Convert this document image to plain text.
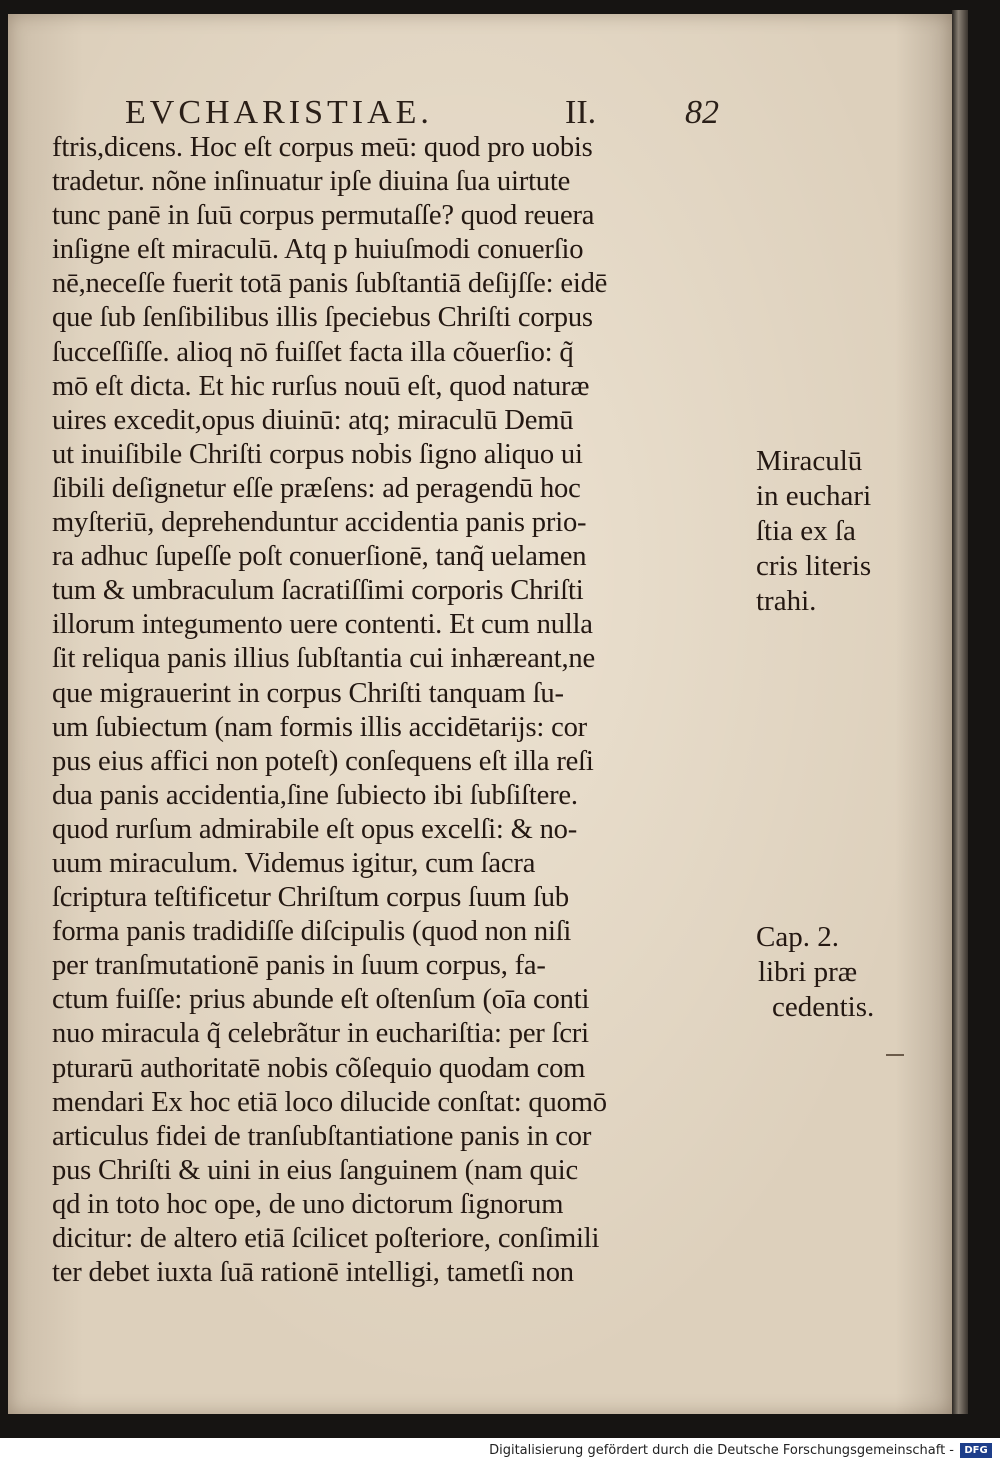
EVCHARISTIAE.	II.	82
ftris,dicens. Hoc eſt corpus meū: quod pro uobis
tradetur. nõne inſinuatur ipſe diuina ſua uirtute
tunc panē in ſuū corpus permutaſſe? quod reuera
inſigne eſt miraculū. Atq p huiuſmodi conuerſio
nē,neceſſe fuerit totā panis ſubſtantiā deſijſſe: eidē
que ſub ſenſibilibus illis ſpeciebus Chriſti corpus
ſucceſſiſſe. alioq nō fuiſſet facta illa cõuerſio: q̃
mō eſt dicta. Et hic rurſus nouū eſt, quod naturæ
uires excedit,opus diuinū: atq; miraculū Demū
ut inuiſibile Chriſti corpus nobis ſigno aliquo ui
ſibili deſignetur eſſe præſens: ad peragendū hoc
myſteriū, deprehenduntur accidentia panis prio-
ra adhuc ſupeſſe poſt conuerſionē, tanq̃ uelamen
tum & umbraculum ſacratiſſimi corporis Chriſti
illorum integumento uere contenti. Et cum nulla
ſit reliqua panis illius ſubſtantia cui inhæreant,ne
que migrauerint in corpus Chriſti tanquam ſu-
um ſubiectum (nam formis illis accidētarijs: cor
pus eius affici non poteſt) conſequens eſt illa reſi
dua panis accidentia,ſine ſubiecto ibi ſubſiſtere.
quod rurſum admirabile eſt opus excelſi: & no-
uum miraculum. Videmus igitur, cum ſacra
ſcriptura teſtificetur Chriſtum corpus ſuum ſub
forma panis tradidiſſe diſcipulis (quod non niſi
per tranſmutationē panis in ſuum corpus, fa-
ctum fuiſſe: prius abunde eſt oſtenſum (oīa conti
nuo miracula q̃ celebrãtur in euchariſtia: per ſcri
pturarū authoritatē nobis cõſequio quodam com
mendari Ex hoc etiā loco dilucide conſtat: quomō
articulus fidei de tranſubſtantiatione panis in cor
pus Chriſti & uini in eius ſanguinem (nam quic
qd in toto hoc ope, de uno dictorum ſignorum
dicitur: de altero etiā ſcilicet poſteriore, conſimili
ter debet iuxta ſuā rationē intelligi, tametſi non
Miraculū
in euchari
ſtia ex ſa
cris literis
trahi.
Cap. 2.
libri præ
cedentis.
Digitalisierung gefördert durch die Deutsche Forschungsgemeinschaft -	DFG
